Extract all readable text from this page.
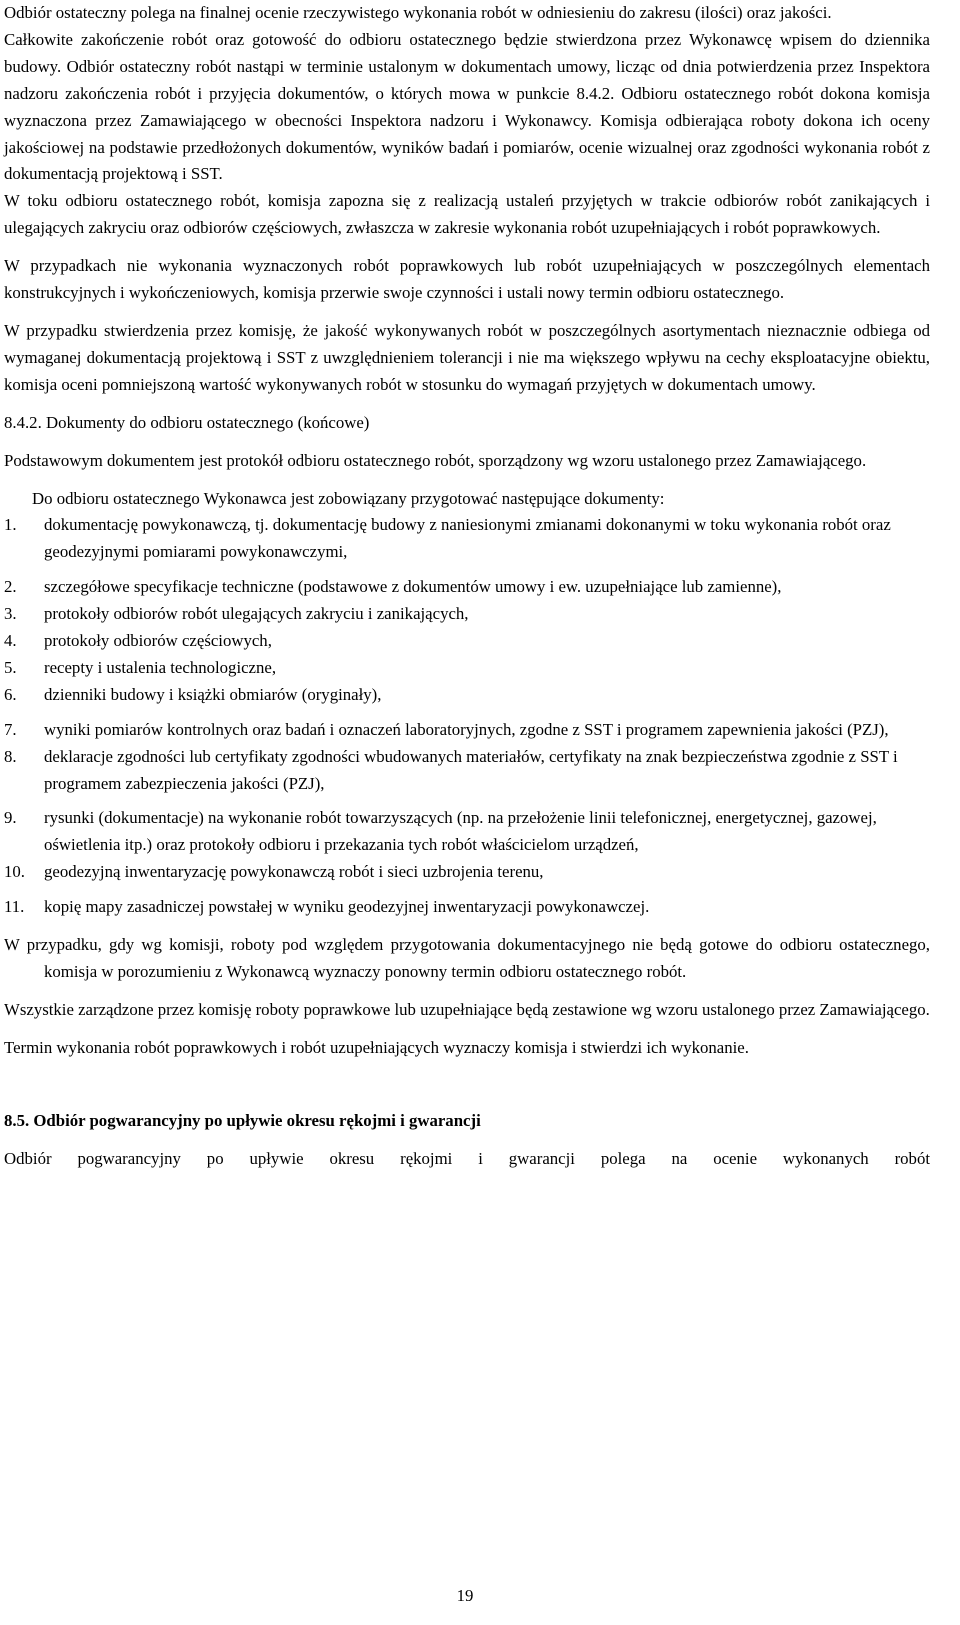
Odbiór ostateczny polega na finalnej ocenie rzeczywistego wykonania robót w odniesieniu do zakresu (ilości) oraz jakości.

Całkowite zakończenie robót oraz gotowość do odbioru ostatecznego będzie stwierdzona przez Wykonawcę wpisem do dziennika budowy. Odbiór ostateczny robót nastąpi w terminie ustalonym w dokumentach umowy, licząc od dnia potwierdzenia przez Inspektora nadzoru zakończenia robót i przyjęcia dokumentów, o których mowa w punkcie 8.4.2. Odbioru ostatecznego robót dokona komisja wyznaczona przez Zamawiającego w obecności Inspektora nadzoru i Wykonawcy. Komisja odbierająca roboty dokona ich oceny jakościowej na podstawie przedłożonych dokumentów, wyników badań i pomiarów, ocenie wizualnej oraz zgodności wykonania robót z dokumentacją projektową i SST.

W toku odbioru ostatecznego robót, komisja zapozna się z realizacją ustaleń przyjętych w trakcie odbiorów robót zanikających i ulegających zakryciu oraz odbiorów częściowych, zwłaszcza w zakresie wykonania robót uzupełniających i robót poprawkowych.

W przypadkach nie wykonania wyznaczonych robót poprawkowych lub robót uzupełniających w poszczególnych elementach konstrukcyjnych i wykończeniowych, komisja przerwie swoje czynności i ustali nowy termin odbioru ostatecznego.

W przypadku stwierdzenia przez komisję, że jakość wykonywanych robót w poszczególnych asortymentach nieznacznie odbiega od wymaganej dokumentacją projektową i SST z uwzględnieniem tolerancji i nie ma większego wpływu na cechy eksploatacyjne obiektu, komisja oceni pomniejszoną wartość wykonywanych robót w stosunku do wymagań przyjętych w dokumentach umowy.

8.4.2. Dokumenty do odbioru ostatecznego (końcowe)

Podstawowym dokumentem jest protokół odbioru ostatecznego robót, sporządzony wg wzoru ustalonego przez Zamawiającego.

Do odbioru ostatecznego Wykonawca jest zobowiązany przygotować następujące dokumenty:

1. dokumentację powykonawczą, tj. dokumentację budowy z naniesionymi zmianami dokonanymi w toku wykonania robót oraz geodezyjnymi pomiarami powykonawczymi,
2. szczegółowe specyfikacje techniczne (podstawowe z dokumentów umowy i ew. uzupełniające lub zamienne),
3. protokoły odbiorów robót ulegających zakryciu i zanikających,
4. protokoły odbiorów częściowych,
5. recepty i ustalenia technologiczne,
6. dzienniki budowy i książki obmiarów (oryginały),
7. wyniki pomiarów kontrolnych oraz badań i oznaczeń laboratoryjnych, zgodne z SST i programem zapewnienia jakości (PZJ),
8. deklaracje zgodności lub certyfikaty zgodności wbudowanych materiałów, certyfikaty na znak bezpieczeństwa zgodnie z SST i programem zabezpieczenia jakości (PZJ),
9. rysunki (dokumentacje) na wykonanie robót towarzyszących (np. na przełożenie linii telefonicznej, energetycznej, gazowej, oświetlenia itp.) oraz protokoły odbioru i przekazania tych robót właścicielom urządzeń,
10. geodezyjną inwentaryzację powykonawczą robót i sieci uzbrojenia terenu,
11. kopię mapy zasadniczej powstałej w wyniku geodezyjnej inwentaryzacji powykonawczej.

W przypadku, gdy wg komisji, roboty pod względem przygotowania dokumentacyjnego nie będą gotowe do odbioru ostatecznego, komisja w porozumieniu z Wykonawcą wyznaczy ponowny termin odbioru ostatecznego robót.

Wszystkie zarządzone przez komisję roboty poprawkowe lub uzupełniające będą zestawione wg wzoru ustalonego przez Zamawiającego.

Termin wykonania robót poprawkowych i robót uzupełniających wyznaczy komisja i stwierdzi ich wykonanie.

8.5. Odbiór pogwarancyjny po upływie okresu rękojmi i gwarancji

Odbiór pogwarancyjny po upływie okresu rękojmi i gwarancji polega na ocenie wykonanych robót

19
